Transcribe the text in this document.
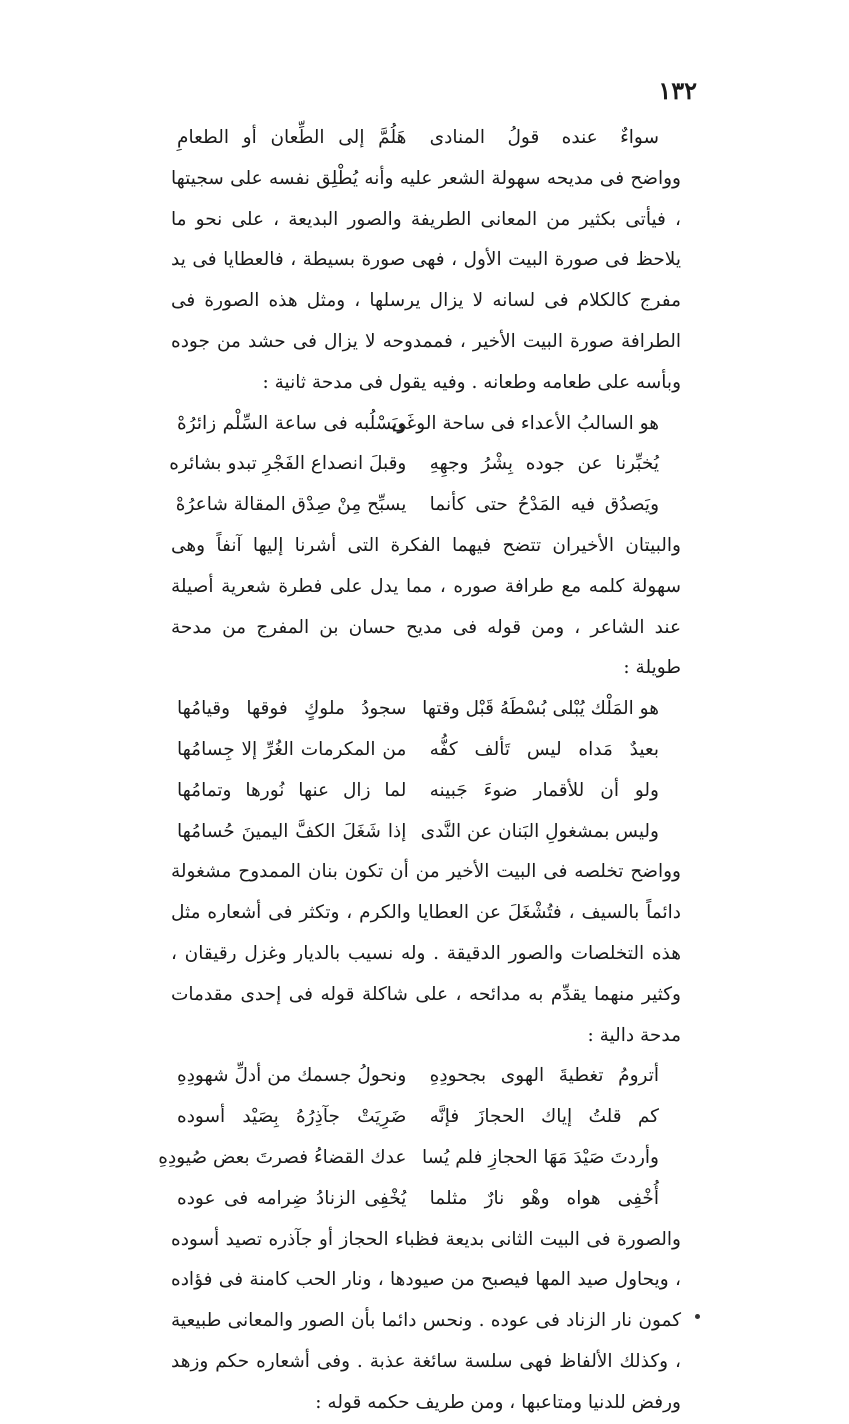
١٣٢
سواءٌ عنده قولُ المنادى
هَلُمَّ إلى الطِّعان أو الطعامِ

وواضح فى مديحه سهولة الشعر عليه وأنه يُطْلِق نفسه على سجيتها ، فيأتى بكثير من المعانى الطريفة والصور البديعة ، على نحو ما يلاحظ فى صورة البيت الأول ، فهى صورة بسيطة ، فالعطايا فى يد مفرج كالكلام فى لسانه لا يزال يرسلها ، ومثل هذه الصورة فى الطرافة صورة البيت الأخير ، فممدوحه لا يزال فى حشد من جوده وبأسه على طعامه وطعانه . وفيه يقول فى مدحة ثانية :

هو السالبُ الأعداء فى ساحة الوغَى
ويَسْلُبه فى ساعة السِّلْم زائرُهْ
يُخبِّرنا عن جوده بِشْرُ وجهِهِ
وقبلَ انصداع الفَجْرِ تبدو بشائره
ويَصدُق فيه المَدْحُ حتى كأنما
يسبِّح مِنْ صِدْق المقالة شاعرُهْ

والبيتان الأخيران تتضح فيهما الفكرة التى أشرنا إليها آنفاً وهى سهولة كلمه مع طرافة صوره ، مما يدل على فطرة شعرية أصيلة عند الشاعر ، ومن قوله فى مديح حسان بن المفرج من مدحة طويلة :

هو المَلْك يُبْلى بُسْطَهُ قَبْل وقتها
سجودُ ملوكٍ فوقها وقيامُها
بعيدٌ مَداه ليس تَألف كفُّه
من المكرمات الغُرِّ إلا جِسامُها
ولو أن للأقمار ضوءَ جَبينه
لما زال عنها نُورها وتمامُها
وليس بمشغولِ البَنان عن النَّدى
إذا شَغَلَ الكفَّ اليمينَ حُسامُها

وواضح تخلصه فى البيت الأخير من أن تكون بنان الممدوح مشغولة دائماً بالسيف ، فتُشْغَلَ عن العطايا والكرم ، وتكثر فى أشعاره مثل هذه التخلصات والصور الدقيقة . وله نسيب بالديار وغزل رقيقان ، وكثير منهما يقدِّم به مدائحه ، على شاكلة قوله فى إحدى مقدمات مدحة دالية :

أترومُ تغطيةَ الهوى بجحودِهِ
ونحولُ جسمك من أدلِّ شهودِهِ
كم قلتُ إياك الحجازَ فإنَّه
ضَرِيَتْ جآذِرُهُ بِصَيْد أسوده
وأردتَ صَيْدَ مَهَا الحجازِ فلم يُسا
عدك القضاءُ فصرتَ بعض صُيودِهِ
أُخْفِى هواه وهْو نارٌ مثلما
يُخْفِى الزنادُ ضِرامه فى عوده

والصورة فى البيت الثانى بديعة فظباء الحجاز أو جآذره تصيد أسوده ، ويحاول صيد المها فيصبح من صيودها ، ونار الحب كامنة فى فؤاده كمون نار الزناد فى عوده . ونحس دائما بأن الصور والمعانى طبيعية ، وكذلك الألفاظ فهى سلسة سائغة عذبة . وفى أشعاره حكم وزهد ورفض للدنيا ومتاعبها ، ومن طريف حكمه قوله :
